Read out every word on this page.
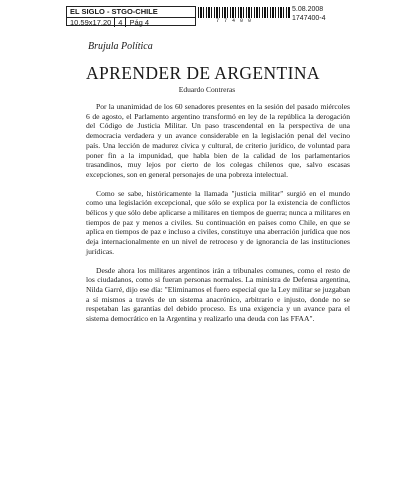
EL SIGLO - STGO-CHILE
10,59x17,20 4 Pág 4	7 7 4 0 0
5.08.2008
1747400-4
Brujula Política
APRENDER DE ARGENTINA
Eduardo Contreras

Por la unanimidad de los 60 senadores presentes en la sesión del pasado miércoles 6 de agosto, el Parlamento argentino transformó en ley de la república la derogación del Código de Justicia Militar. Un paso trascendental en la perspectiva de una democracia verdadera y un avance considerable en la legislación penal del vecino país. Una lección de madurez cívica y cultural, de criterio jurídico, de voluntad para poner fin a la impunidad, que habla bien de la calidad de los parlamentarios trasandinos, muy lejos por cierto de los colegas chilenos que, salvo escasas excepciones, son en general personajes de una pobreza intelectual.

Como se sabe, históricamente la llamada "justicia militar" surgió en el mundo como una legislación excepcional, que sólo se explica por la existencia de conflictos bélicos y que sólo debe aplicarse a militares en tiempos de guerra; nunca a militares en tiempos de paz y menos a civiles. Su continuación en países como Chile, en que se aplica en tiempos de paz e incluso a civiles, constituye una aberración jurídica que nos deja internacionalmente en un nivel de retroceso y de ignorancia de las instituciones jurídicas.

Desde ahora los militares argentinos irán a tribunales comunes, como el resto de los ciudadanos, como si fueran personas normales. La ministra de Defensa argentina, Nilda Garré, dijo ese día: "Eliminamos el fuero especial que la Ley militar se juzgaban a sí mismos a través de un sistema anacrónico, arbitrario e injusto, donde no se respetaban las garantías del debido proceso. Es una exigencia y un avance para el sistema democrático en la Argentina y realizarlo una deuda con las FFAA".
